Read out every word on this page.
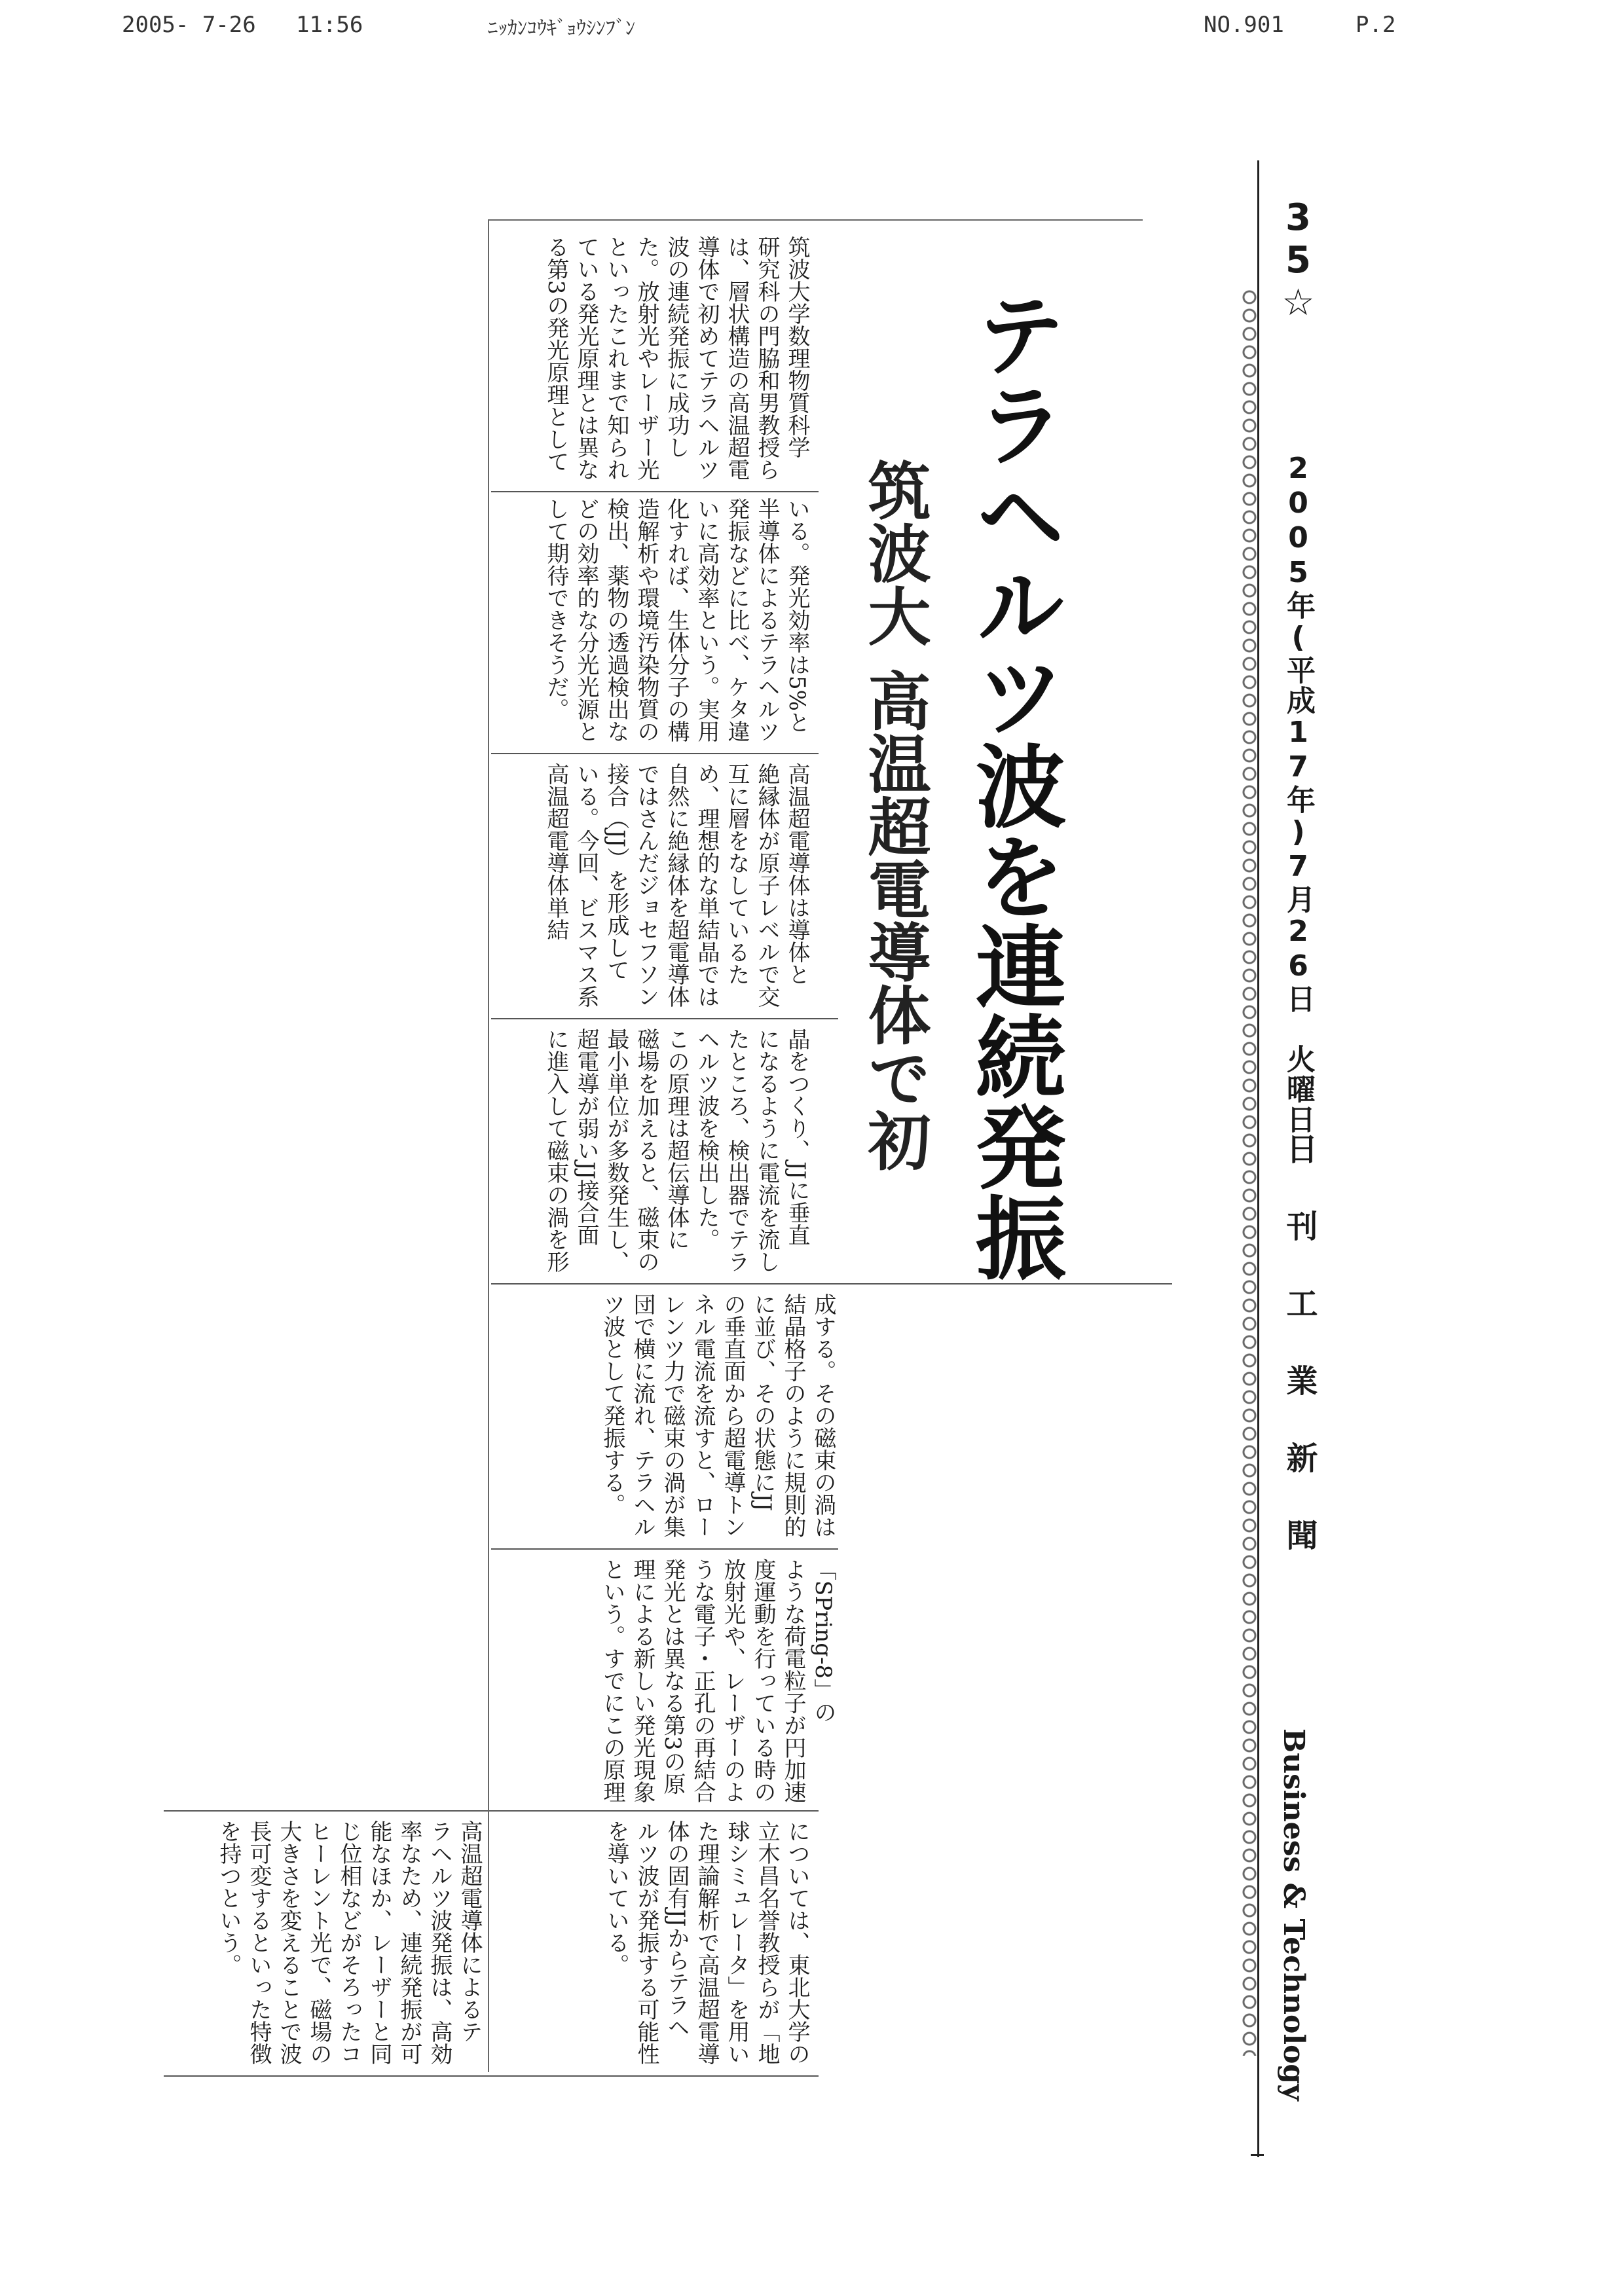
2005- 7-26 11:56	ﾆｯｶﾝｺｳｷﾞｮｳｼﾝﾌﾞﾝ	NO.901	P.2
35☆
2005年(平成17年)7月26日　火曜日
日刊工業新聞
Business & Technology
テラヘルツ波を連続発振
筑波大 高温超電導体で初

筑波大学数理物質科学

研究科の門脇和男教授ら

は、層状構造の高温超電

導体で初めてテラヘルツ

波の連続発振に成功し

た。放射光やレーザー光

といったこれまで知られ

ている発光原理とは異な

る第3の発光原理として

いる。発光効率は5%と

半導体によるテラヘルツ

発振などに比べ、ケタ違

いに高効率という。実用

化すれば、生体分子の構

造解析や環境汚染物質の

検出、薬物の透過検出な

どの効率的な分光光源と

して期待できそうだ。

高温超電導体は導体と

絶縁体が原子レベルで交

互に層をなしているた

め、理想的な単結晶では

自然に絶縁体を超電導体

ではさんだジョセフソン

接合（JJ）を形成して

いる。今回、ビスマス系

高温超電導体単結

晶をつくり、JJに垂直

になるように電流を流し

たところ、検出器でテラ

ヘルツ波を検出した。

この原理は超伝導体に

磁場を加えると、磁束の

最小単位が多数発生し、

超電導が弱いJJ接合面

に進入して磁束の渦を形

成する。その磁束の渦は

結晶格子のように規則的

に並び、その状態にJJ

の垂直面から超電導トン

ネル電流を流すと、ロー

レンツ力で磁束の渦が集

団で横に流れ、テラヘル

ツ波として発振する。

「SPring-8」の

ような荷電粒子が円加速

度運動を行っている時の

放射光や、レーザーのよ

うな電子・正孔の再結合

発光とは異なる第3の原

理による新しい発光現象

という。すでにこの原理

については、東北大学の

立木昌名誉教授らが「地

球シミュレータ」を用い

た理論解析で高温超電導

体の固有JJからテラヘ

ルツ波が発振する可能性

を導いている。

高温超電導体によるテ

ラヘルツ波発振は、高効

率なため、連続発振が可

能なほか、レーザーと同

じ位相などがそろったコ

ヒーレント光で、磁場の

大きさを変えることで波

長可変するといった特徴

を持つという。
